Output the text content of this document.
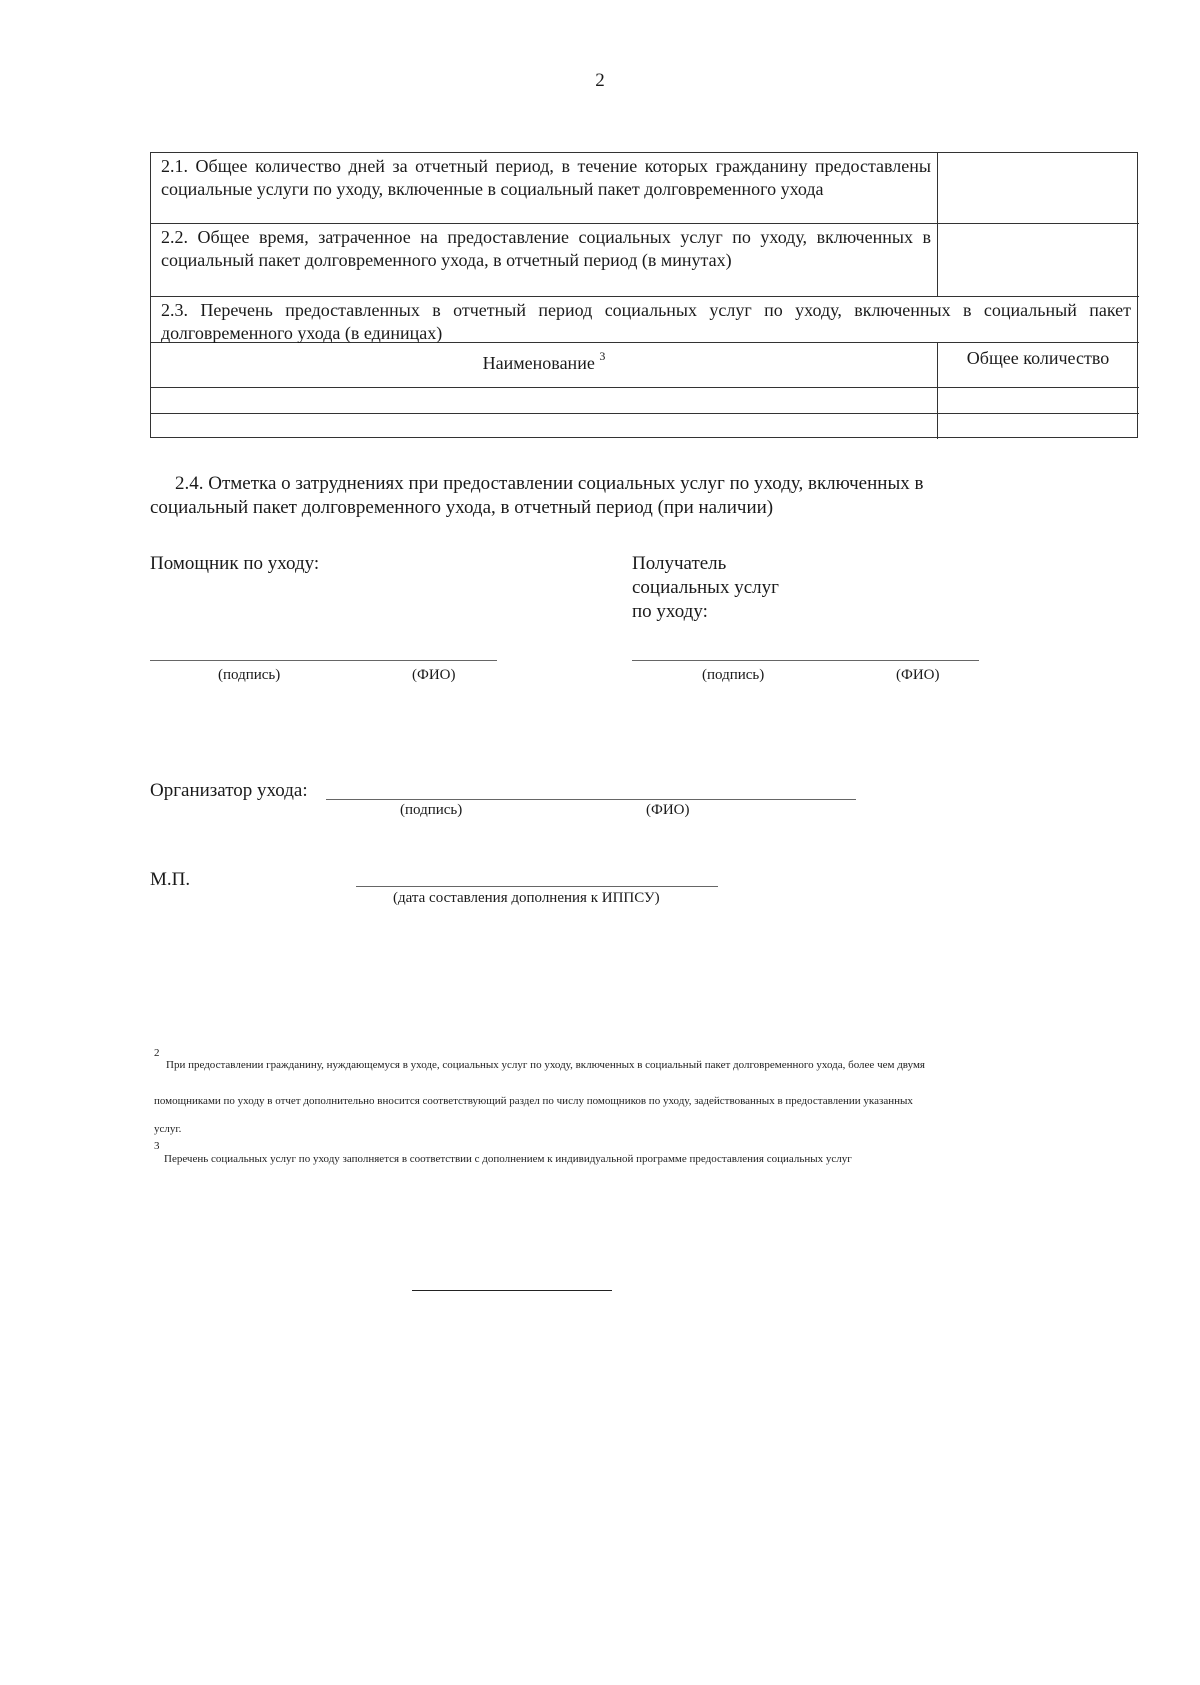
2
2.1. Общее количество дней за отчетный период, в течение которых гражданину предоставлены социальные услуги по уходу, включенные в социальный пакет долговременного ухода
2.2. Общее время, затраченное на предоставление социальных услуг по уходу, включенных в социальный пакет долговременного ухода, в отчетный период (в минутах)
2.3. Перечень предоставленных в отчетный период социальных услуг по уходу, включенных в социальный пакет долговременного ухода (в единицах)
Наименование $^3$	Общее количество
2.4. Отметка о затруднениях при предоставлении социальных услуг по уходу, включенных в
социальный пакет долговременного ухода, в отчетный период (при наличии)
Помощник по уходу:
(подпись)	(ФИО)
Получатель
социальных услуг
по уходу:
(подпись)	(ФИО)
Организатор ухода:
(подпись)	(ФИО)
М.П.
(дата составления дополнения к ИППСУ)
2
При предоставлении гражданину, нуждающемуся в уходе, социальных услуг по уходу, включенных в социальный пакет долговременного ухода, более чем двумя
помощниками по уходу в отчет дополнительно вносится соответствующий раздел по числу помощников по уходу, задействованных в предоставлении указанных
услуг.
3
Перечень социальных услуг по уходу заполняется в соответствии с дополнением к индивидуальной программе предоставления социальных услуг
